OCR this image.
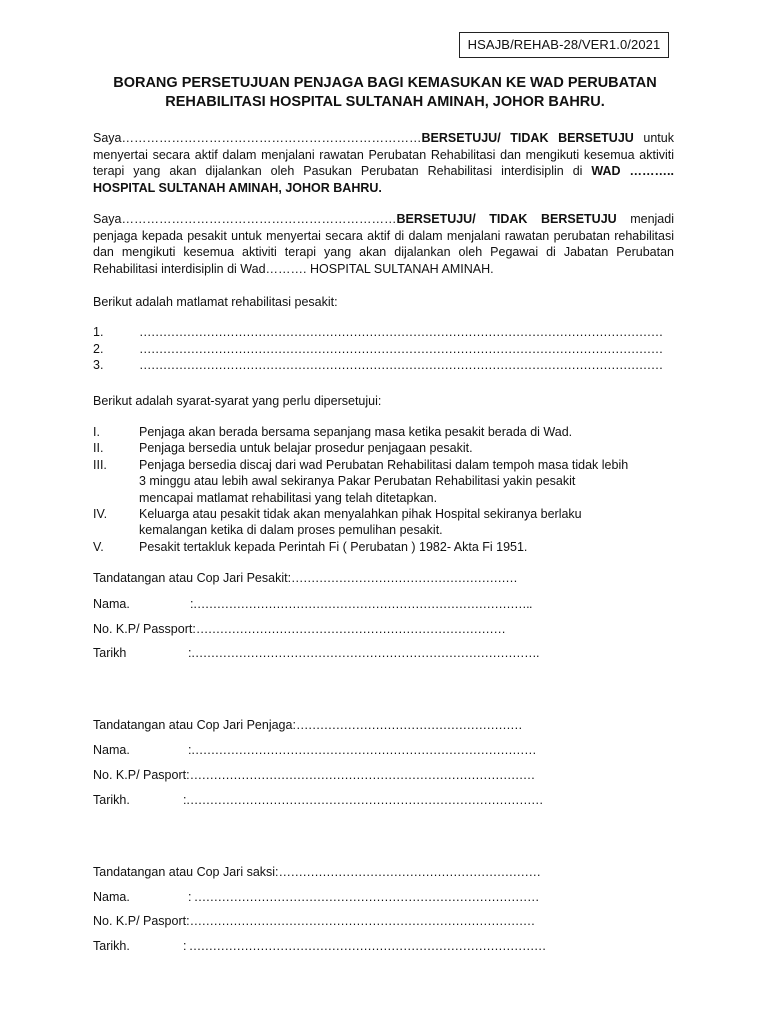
HSAJB/REHAB-28/VER1.0/2021
BORANG PERSETUJUAN PENJAGA BAGI KEMASUKAN KE WAD PERUBATAN
REHABILITASI HOSPITAL SULTANAH AMINAH, JOHOR BAHRU.
Saya………………………………………………………………BERSETUJU/ TIDAK BERSETUJU untuk menyertai secara aktif dalam menjalani rawatan Perubatan Rehabilitasi dan mengikuti kesemua aktiviti terapi yang akan dijalankan oleh Pasukan Perubatan Rehabilitasi interdisiplin di WAD ……….. HOSPITAL SULTANAH AMINAH, JOHOR BAHRU.
Saya…………………………………………………………BERSETUJU/ TIDAK BERSETUJU menjadi penjaga kepada pesakit untuk menyertai secara aktif di dalam menjalani rawatan perubatan rehabilitasi dan mengikuti kesemua aktiviti terapi yang akan dijalankan oleh Pegawai di Jabatan Perubatan Rehabilitasi interdisiplin di Wad………. HOSPITAL SULTANAH AMINAH.
Berikut adalah matlamat rehabilitasi pesakit:
1.	……………………………………………………………………………………………………………………
2.	……………………………………………………………………………………………………………………
3.	……………………………………………………………………………………………………………………
Berikut adalah syarat-syarat yang perlu dipersetujui:
I.	Penjaga akan berada bersama sepanjang masa ketika pesakit berada di Wad.
II.	Penjaga bersedia untuk belajar prosedur penjagaan pesakit.
III.	Penjaga bersedia discaj dari wad Perubatan Rehabilitasi dalam tempoh masa tidak lebih 3 minggu atau lebih awal sekiranya Pakar Perubatan Rehabilitasi yakin pesakit mencapai matlamat rehabilitasi yang telah ditetapkan.
IV.	Keluarga atau pesakit tidak akan menyalahkan pihak Hospital sekiranya berlaku kemalangan ketika di dalam proses pemulihan pesakit.
V.	Pesakit tertakluk kepada Perintah Fi ( Perubatan ) 1982- Akta Fi 1951.
Tandatangan atau Cop Jari Pesakit:…………………………………………………
Nama.	:…………………………………………………………………………..
No. K.P/ Passport:……………………………………………………………………
Tarikh	:…………………………………………………………………………….
Tandatangan atau Cop Jari Penjaga:…………………………………………………
Nama.	:……………………………………………………………………………
No. K.P/ Pasport:……………………………………………………………………………
Tarikh.	:………………………………………………………………………………
Tandatangan atau Cop Jari saksi:…………………………………………………………
Nama.	: ……………………………………………………………………………
No. K.P/ Pasport:……………………………………………………………………………
Tarikh.	: ………………………………………………………………………………
